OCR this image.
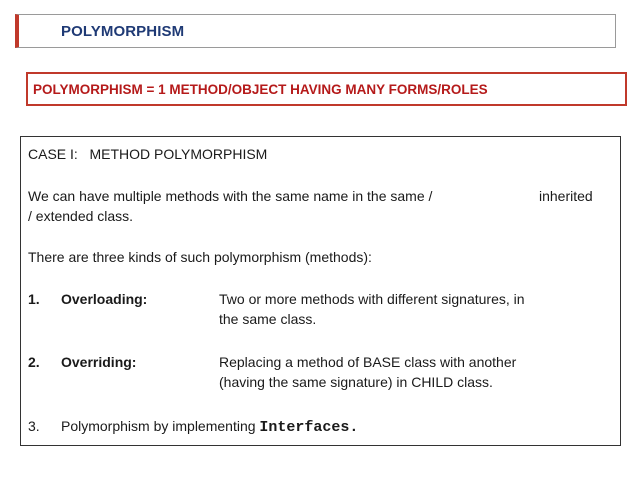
POLYMORPHISM
POLYMORPHISM = 1 METHOD/OBJECT HAVING MANY FORMS/ROLES
CASE I: METHOD POLYMORPHISM
We can have multiple methods with the same name in the same /	inherited
/ extended class.
There are three kinds of such polymorphism (methods):
1. Overloading:	Two or more methods with different signatures, in
the same class.
2. Overriding:	Replacing a method of BASE class with another
(having the same signature) in CHILD class.
3. Polymorphism by implementing Interfaces.
